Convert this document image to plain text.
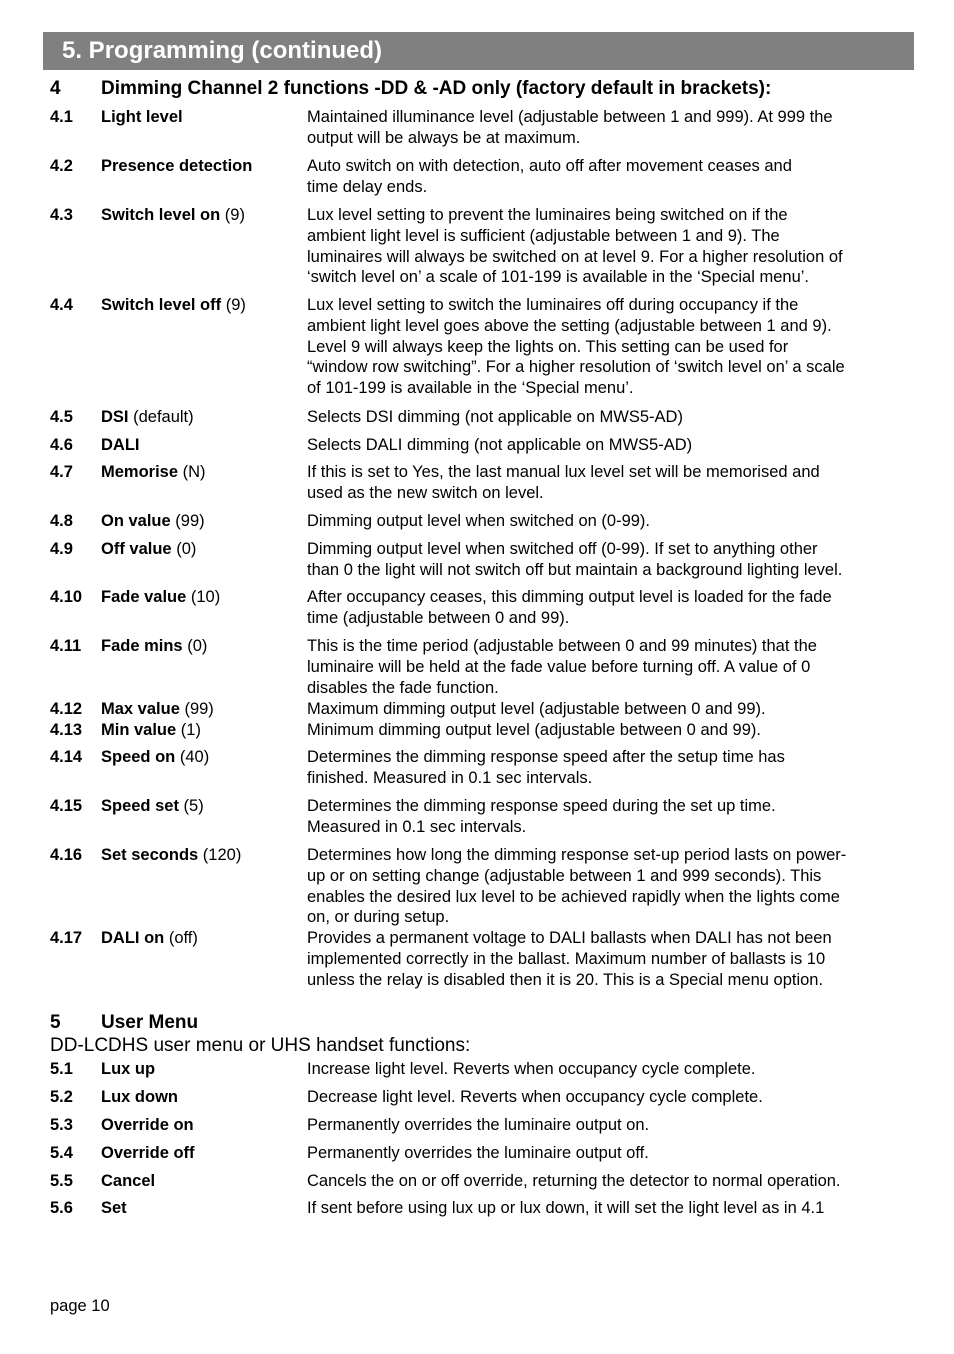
5. Programming (continued)
4 Dimming Channel 2 functions -DD & -AD only (factory default in brackets):
4.1 Light level	Maintained illuminance level (adjustable between 1 and 999). At 999 the
output will be always be at maximum.
4.2 Presence detection	Auto switch on with detection, auto off after movement ceases and
time delay ends.
4.3 Switch level on (9)	Lux level setting to prevent the luminaires being switched on if the
ambient light level is sufficient (adjustable between 1 and 9). The
luminaires will always be switched on at level 9. For a higher resolution of
‘switch level on’ a scale of 101-199 is available in the ‘Special menu’.
4.4 Switch level off (9)	Lux level setting to switch the luminaires off during occupancy if the
ambient light level goes above the setting (adjustable between 1 and 9).
Level 9 will always keep the lights on. This setting can be used for
“window row switching”. For a higher resolution of ‘switch level on’ a scale
of 101-199 is available in the ‘Special menu’.
4.5 DSI (default)	Selects DSI dimming (not applicable on MWS5-AD)
4.6 DALI	Selects DALI dimming (not applicable on MWS5-AD)
4.7 Memorise (N)	If this is set to Yes, the last manual lux level set will be memorised and
used as the new switch on level.
4.8 On value (99)	Dimming output level when switched on (0-99).
4.9 Off value (0)	Dimming output level when switched off (0-99). If set to anything other
than 0 the light will not switch off but maintain a background lighting level.
4.10 Fade value (10)	After occupancy ceases, this dimming output level is loaded for the fade
time (adjustable between 0 and 99).
4.11 Fade mins (0)	This is the time period (adjustable between 0 and 99 minutes) that the
luminaire will be held at the fade value before turning off. A value of 0
disables the fade function.
4.12 Max value (99)	Maximum dimming output level (adjustable between 0 and 99).
4.13 Min value (1)	Minimum dimming output level (adjustable between 0 and 99).
4.14 Speed on (40)	Determines the dimming response speed after the setup time has
finished. Measured in 0.1 sec intervals.
4.15 Speed set (5)	Determines the dimming response speed during the set up time.
Measured in 0.1 sec intervals.
4.16 Set seconds (120)	Determines how long the dimming response set-up period lasts on power-
up or on setting change (adjustable between 1 and 999 seconds). This
enables the desired lux level to be achieved rapidly when the lights come
on, or during setup.
4.17 DALI on (off)	Provides a permanent voltage to DALI ballasts when DALI has not been
implemented correctly in the ballast. Maximum number of ballasts is 10
unless the relay is disabled then it is 20. This is a Special menu option.
5 User Menu
DD-LCDHS user menu or UHS handset functions:
5.1 Lux up	Increase light level. Reverts when occupancy cycle complete.
5.2 Lux down	Decrease light level. Reverts when occupancy cycle complete.
5.3 Override on	Permanently overrides the luminaire output on.
5.4 Override off	Permanently overrides the luminaire output off.
5.5 Cancel	Cancels the on or off override, returning the detector to normal operation.
5.6 Set	If sent before using lux up or lux down, it will set the light level as in 4.1
page 10
